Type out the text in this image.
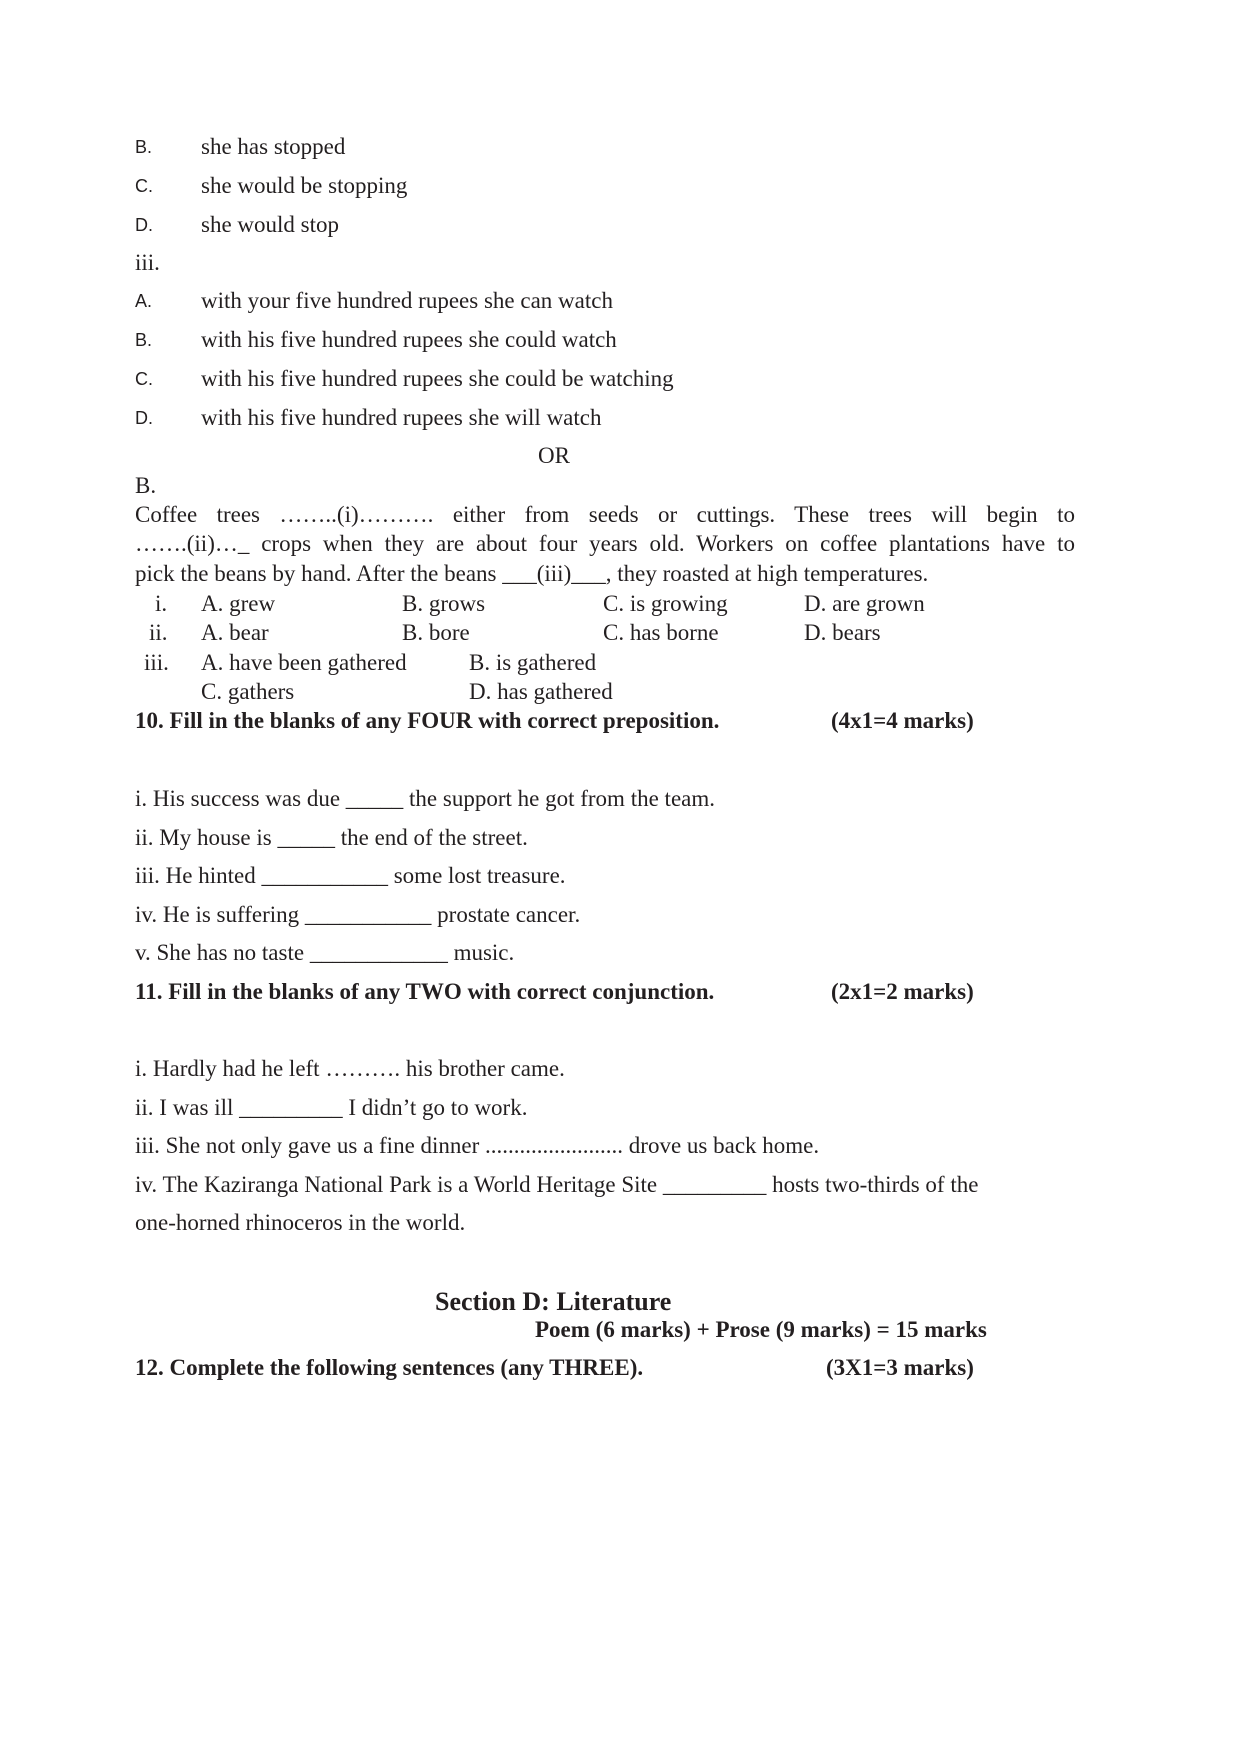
B. she has stopped
C. she would be stopping
D. she would stop
iii.
A. with your five hundred rupees she can watch
B. with his five hundred rupees she could watch
C. with his five hundred rupees she could be watching
D. with his five hundred rupees she will watch
OR
B.
Coffee trees ……..(i)………. either from seeds or cuttings. These trees will begin to
…….(ii)…_ crops when they are about four years old. Workers on coffee plantations have to
pick the beans by hand. After the beans ___(iii)___, they roasted at high temperatures.
i. A. grew	B. grows	C. is growing	D. are grown
ii. A. bear	B. bore	C. has borne	D. bears
iii. A. have been gathered	B. is gathered
C. gathers	D. has gathered
10. Fill in the blanks of any FOUR with correct preposition.	(4x1=4 marks)
i. His success was due _____ the support he got from the team.
ii. My house is _____ the end of the street.
iii. He hinted ___________ some lost treasure.
iv. He is suffering ___________ prostate cancer.
v. She has no taste ____________ music.
11. Fill in the blanks of any TWO with correct conjunction.	(2x1=2 marks)
i. Hardly had he left ………. his brother came.
ii. I was ill _________ I didn’t go to work.
iii. She not only gave us a fine dinner ........................ drove us back home.
iv. The Kaziranga National Park is a World Heritage Site _________ hosts two-thirds of the
one-horned rhinoceros in the world.
Section D: Literature
Poem (6 marks) + Prose (9 marks) = 15 marks
12. Complete the following sentences (any THREE).	(3X1=3 marks)
